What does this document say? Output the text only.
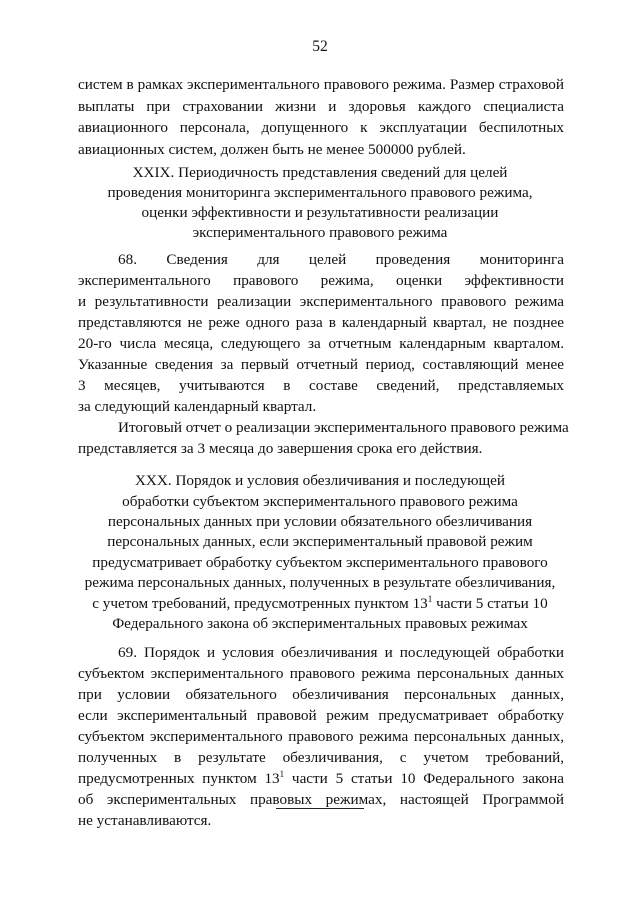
52
систем в рамках экспериментального правового режима. Размер страховой
выплаты при страховании жизни и здоровья каждого специалиста
авиационного персонала, допущенного к эксплуатации беспилотных
авиационных систем, должен быть не менее 500000 рублей.
XXIX. Периодичность представления сведений для целей
проведения мониторинга экспериментального правового режима,
оценки эффективности и результативности реализации
экспериментального правового режима
68. Сведения для целей проведения мониторинга
экспериментального правового режима, оценки эффективности
и результативности реализации экспериментального правового режима
представляются не реже одного раза в календарный квартал, не позднее
20-го числа месяца, следующего за отчетным календарным кварталом.
Указанные сведения за первый отчетный период, составляющий менее
3 месяцев, учитываются в составе сведений, представляемых
за следующий календарный квартал.
Итоговый отчет о реализации экспериментального правового режима
представляется за 3 месяца до завершения срока его действия.
XXX. Порядок и условия обезличивания и последующей
обработки субъектом экспериментального правового режима
персональных данных при условии обязательного обезличивания
персональных данных, если экспериментальный правовой режим
предусматривает обработку субъектом экспериментального правового
режима персональных данных, полученных в результате обезличивания,
с учетом требований, предусмотренных пунктом $13^1$ части 5 статьи 10
Федерального закона об экспериментальных правовых режимах
69. Порядок и условия обезличивания и последующей обработки
субъектом экспериментального правового режима персональных данных
при условии обязательного обезличивания персональных данных,
если экспериментальный правовой режим предусматривает обработку
субъектом экспериментального правового режима персональных данных,
полученных в результате обезличивания, с учетом требований,
предусмотренных пунктом $13^1$ части 5 статьи 10 Федерального закона
об экспериментальных правовых режимах, настоящей Программой
не устанавливаются.
